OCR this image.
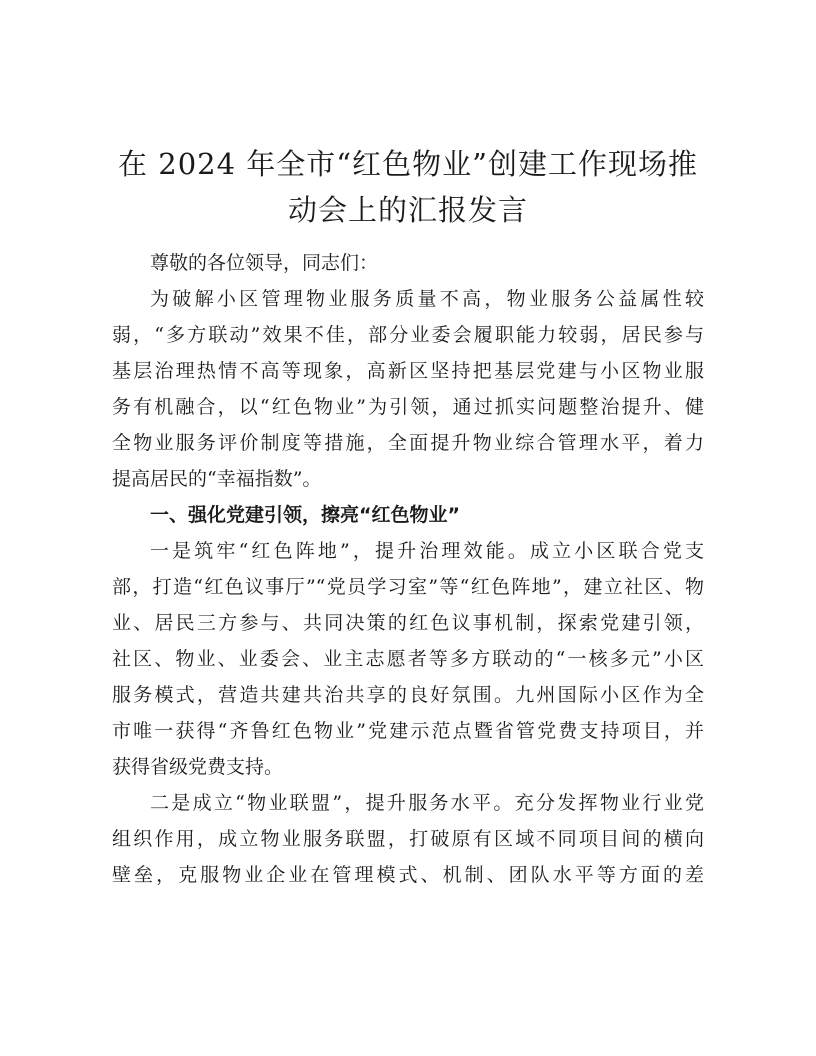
在 2024 年全市“红色物业”创建工作现场推
动会上的汇报发言
尊敬的各位领导，同志们：
为破解小区管理物业服务质量不高，物业服务公益属性较
弱，“多方联动”效果不佳，部分业委会履职能力较弱，居民参与
基层治理热情不高等现象，高新区坚持把基层党建与小区物业服
务有机融合，以“红色物业”为引领，通过抓实问题整治提升、健
全物业服务评价制度等措施，全面提升物业综合管理水平，着力
提高居民的“幸福指数”。
一、强化党建引领，擦亮“红色物业”
一是筑牢“红色阵地”，提升治理效能。成立小区联合党支
部，打造“红色议事厅”“党员学习室”等“红色阵地”，建立社区、物
业、居民三方参与、共同决策的红色议事机制，探索党建引领，
社区、物业、业委会、业主志愿者等多方联动的“一核多元”小区
服务模式，营造共建共治共享的良好氛围。九州国际小区作为全
市唯一获得“齐鲁红色物业”党建示范点暨省管党费支持项目，并
获得省级党费支持。
二是成立“物业联盟”，提升服务水平。充分发挥物业行业党
组织作用，成立物业服务联盟，打破原有区域不同项目间的横向
壁垒，克服物业企业在管理模式、机制、团队水平等方面的差
